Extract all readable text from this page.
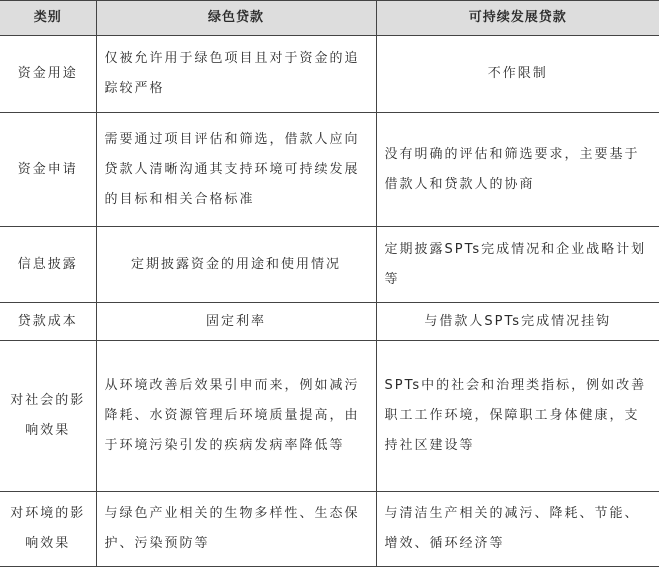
类别	绿色贷款	可持续发展贷款
资金用途	仅被允许用于绿色项目且对于资金的追踪较严格	不作限制
资金申请	需要通过项目评估和筛选，借款人应向贷款人清晰沟通其支持环境可持续发展的目标和相关合格标准	没有明确的评估和筛选要求，主要基于借款人和贷款人的协商
信息披露	定期披露资金的用途和使用情况	定期披露SPTs完成情况和企业战略计划等
贷款成本	固定利率	与借款人SPTs完成情况挂钩
对社会的影响效果	从环境改善后效果引申而来，例如减污降耗、水资源管理后环境质量提高，由于环境污染引发的疾病发病率降低等	SPTs中的社会和治理类指标，例如改善职工工作环境，保障职工身体健康，支持社区建设等
对环境的影响效果	与绿色产业相关的生物多样性、生态保护、污染预防等	与清洁生产相关的减污、降耗、节能、增效、循环经济等
